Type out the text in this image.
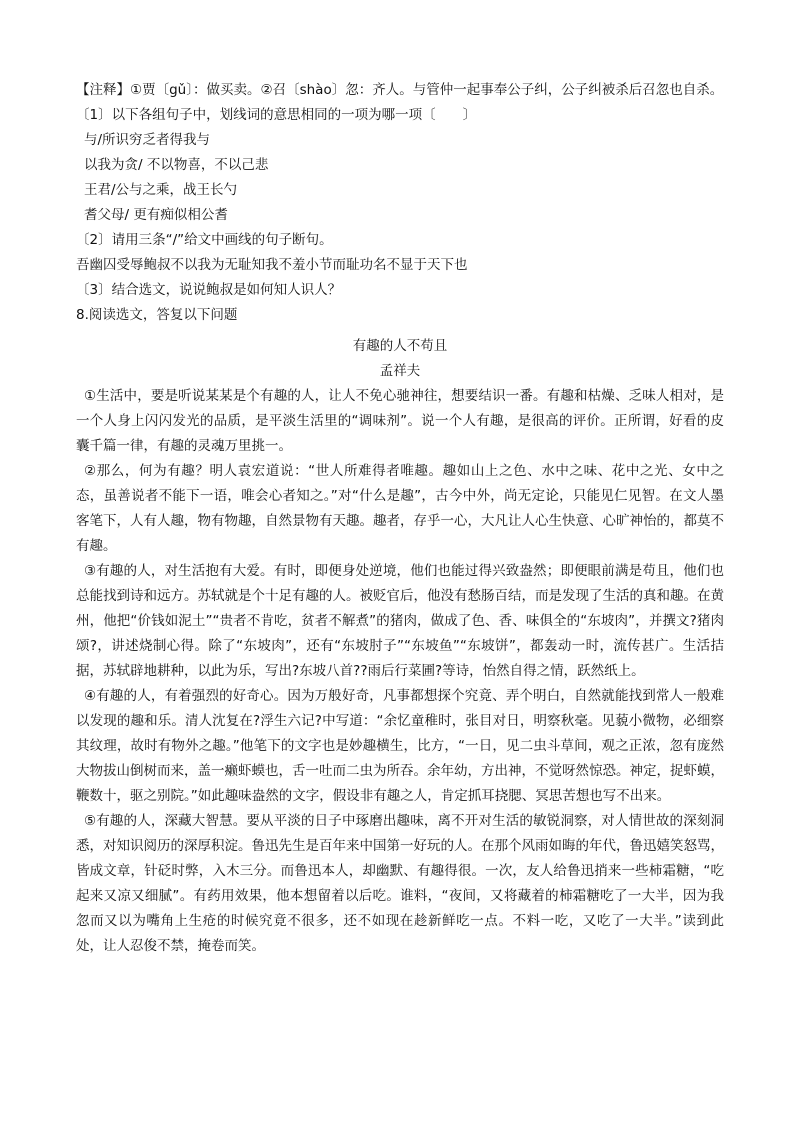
【注释】①贾〔gǔ〕：做买卖。②召〔shào〕忽：齐人。与管仲一起事奉公子纠，公子纠被杀后召忽也自杀。

〔1〕以下各组句子中，划线词的意思相同的一项为哪一项〔　　〕
与/所识穷乏者得我与
以我为贪/ 不以物喜，不以己悲
王君/公与之乘，战王长勺
耆父母/ 更有痴似相公耆
〔2〕请用三条“/”给文中画线的句子断句。
吾幽囚受辱鲍叔不以我为无耻知我不羞小节而耻功名不显于天下也
〔3〕结合选文，说说鲍叔是如何知人识人？
8.阅读选文，答复以下问题
有趣的人不苟且
孟祥夫

①生活中，要是听说某某是个有趣的人，让人不免心驰神往，想要结识一番。有趣和枯燥、乏味人相对，是一个人身上闪闪发光的品质，是平淡生活里的“调味剂”。说一个人有趣，是很高的评价。正所谓，好看的皮囊千篇一律，有趣的灵魂万里挑一。

②那么，何为有趣？明人袁宏道说：“世人所难得者唯趣。趣如山上之色、水中之味、花中之光、女中之态，虽善说者不能下一语，唯会心者知之。”对“什么是趣”，古今中外，尚无定论，只能见仁见智。在文人墨客笔下，人有人趣，物有物趣，自然景物有天趣。趣者，存乎一心，大凡让人心生快意、心旷神怡的，都莫不有趣。

③有趣的人，对生活抱有大爱。有时，即便身处逆境，他们也能过得兴致盎然；即便眼前满是苟且，他们也总能找到诗和远方。苏轼就是个十足有趣的人。被贬官后，他没有愁肠百结，而是发现了生活的真和趣。在黄州，他把“价钱如泥土”“贵者不肯吃，贫者不解煮”的猪肉，做成了色、香、味俱全的“东坡肉”，并撰文?猪肉颂?，讲述烧制心得。除了“东坡肉”，还有“东坡肘子”“东坡鱼”“东坡饼”，都轰动一时，流传甚广。生活拮据，苏轼辟地耕种，以此为乐，写出?东坡八首??雨后行菜圃?等诗，怡然自得之情，跃然纸上。

④有趣的人，有着强烈的好奇心。因为万般好奇，凡事都想探个究竟、弄个明白，自然就能找到常人一般难以发现的趣和乐。清人沈复在?浮生六记?中写道：“余忆童稚时，张目对日，明察秋毫。见藐小微物，必细察其纹理，故时有物外之趣。”他笔下的文字也是妙趣横生，比方，“一日，见二虫斗草间，观之正浓，忽有庞然大物拔山倒树而来，盖一癞虾蟆也，舌一吐而二虫为所吞。余年幼，方出神，不觉呀然惊恐。神定，捉虾蟆，鞭数十，驱之别院。”如此趣味盎然的文字，假设非有趣之人，肯定抓耳挠腮、冥思苦想也写不出来。

⑤有趣的人，深藏大智慧。要从平淡的日子中琢磨出趣味，离不开对生活的敏锐洞察，对人情世故的深刻洞悉，对知识阅历的深厚积淀。鲁迅先生是百年来中国第一好玩的人。在那个风雨如晦的年代，鲁迅嬉笑怒骂，皆成文章，针砭时弊，入木三分。而鲁迅本人，却幽默、有趣得很。一次，友人给鲁迅捎来一些柿霜糖，“吃起来又凉又细腻”。有药用效果，他本想留着以后吃。谁料，“夜间，又将藏着的柿霜糖吃了一大半，因为我忽而又以为嘴角上生疮的时候究竟不很多，还不如现在趁新鲜吃一点。不料一吃，又吃了一大半。”读到此处，让人忍俊不禁，掩卷而笑。
